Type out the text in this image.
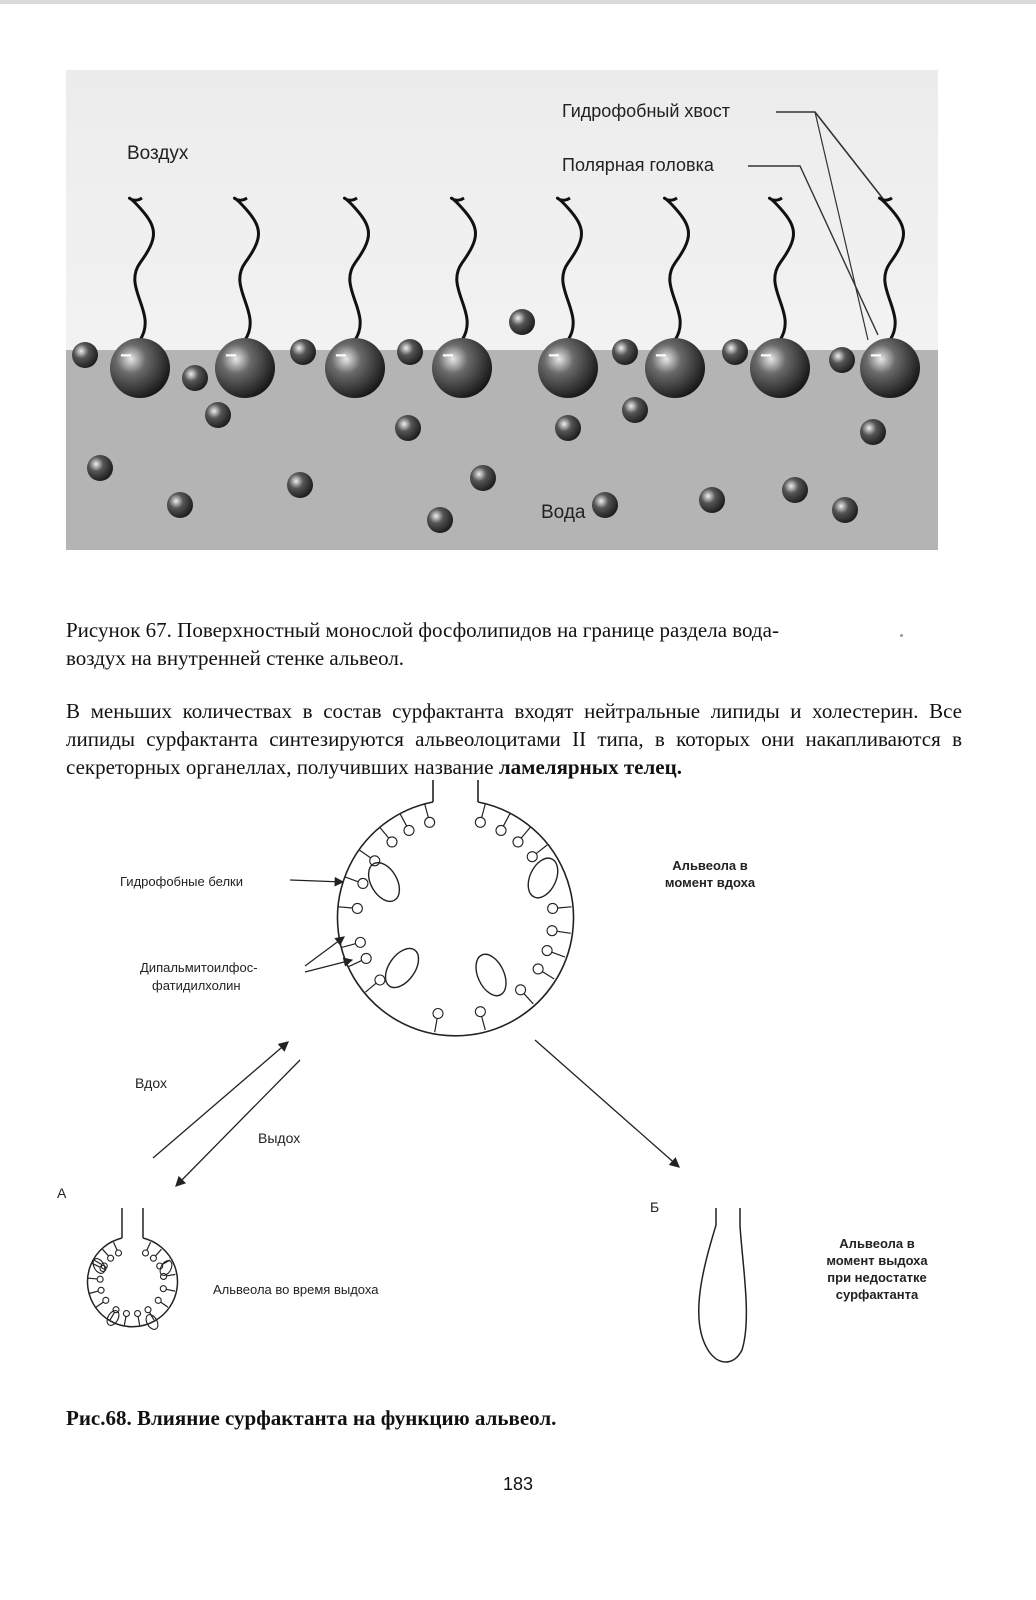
Воздух
Вода
Гидрофобный хвост
Полярная головка
−	−	−	−	−	−	−	−
Гидрофобные белки
Дипальмитоилфос-
фатидилхолин
Альвеола в
момент вдоха
Вдох
Выдох
А
Б
Альвеола во время выдоха
Альвеола в
момент выдоха
при недостатке
сурфактанта

Рисунок 67. Поверхностный монослой фосфолипидов на границе раздела вода-воздух на внутренней стенке альвеол.

В меньших количествах в состав сурфактанта входят нейтральные липиды и холестерин. Все липиды сурфактанта синтезируются альвеолоцитами II типа, в которых они накапливаются в секреторных органеллах, получивших название ламелярных телец.

Рис.68. Влияние сурфактанта на функцию альвеол.

183
